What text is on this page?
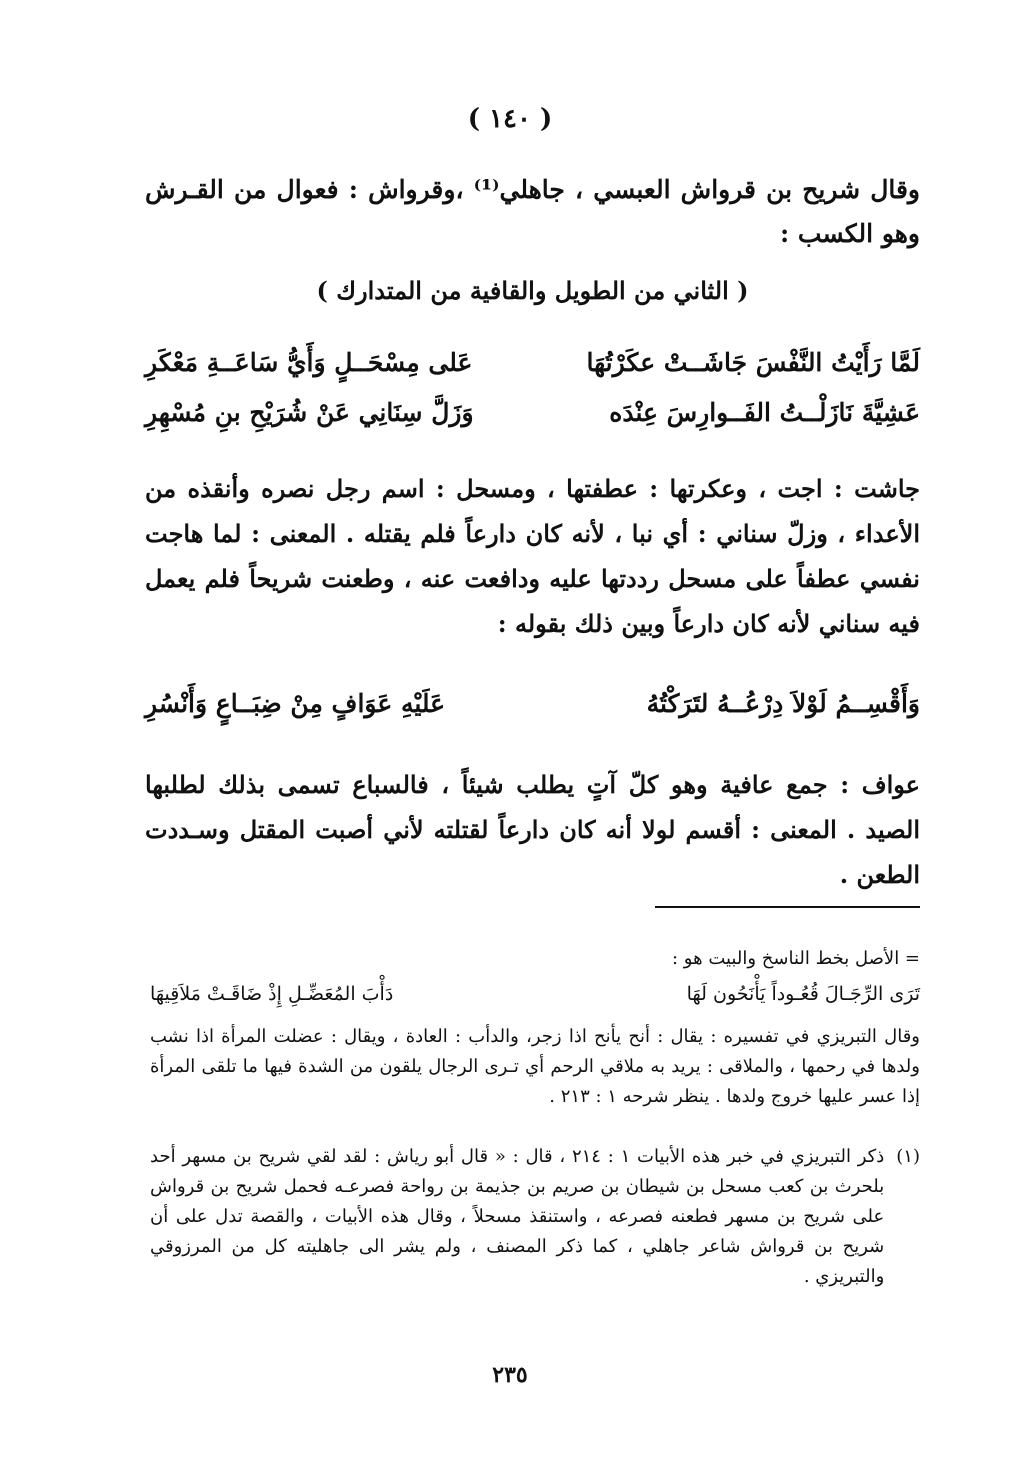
( ١٤٠ )
وقال شريح بن قرواش العبسي ، جاهلي⁽¹⁾ ،وقرواش : فعوال من القـرش وهو الكسب :
( الثاني من الطويل والقافية من المتدارك )
لَمَّا رَأَيْتُ النَّفْسَ جَاشَــتْ عكَرْتُهَا
عَلى مِسْحَــلٍ وَأَيُّ سَاعَــةِ مَعْكَرِ
عَشِيَّةَ نَازَلْــتُ الفَــوارِسَ عِنْدَه
وَزَلَّ سِنَانِي عَنْ شُرَيْحِ بنِ مُسْهِرِ
جاشت : اجت ، وعكرتها : عطفتها ، ومسحل : اسم رجل نصره وأنقذه من الأعداء ، وزلّ سناني : أي نبا ، لأنه كان دارعاً فلم يقتله . المعنى : لما هاجت نفسي عطفاً على مسحل رددتها عليه ودافعت عنه ، وطعنت شريحاً فلم يعمل فيه سناني لأنه كان دارعاً وبين ذلك بقوله :
وَأَقْسِــمُ لَوْلاَ دِرْعُــهُ لتَرَكْتُهُ
عَلَيْهِ عَوَافٍ مِنْ ضِبَــاعٍ وَأَنْسُرِ
عواف : جمع عافية وهو كلّ آتٍ يطلب شيئاً ، فالسباع تسمى بذلك لطلبها الصيد . المعنى : أقسم لولا أنه كان دارعاً لقتلته لأني أصبت المقتل وسـددت الطعن .
= الأصل بخط الناسخ والبيت هو :
تَرَى الرِّجَـالَ قُعُـوداً يَأْنَحُون لَهَا
دَأْبَ المُعَضِّـلِ إِذْ ضَاقَـتْ مَلاَقِيهَا
وقال التبريزي في تفسيره : يقال : أنح يأنح اذا زجر، والدأب : العادة ، ويقال : عضلت المرأة اذا نشب ولدها في رحمها ، والملاقى : يريد به ملاقي الرحم أي تـرى الرجال يلقون من الشدة فيها ما تلقى المرأة إذا عسر عليها خروج ولدها . ينظر شرحه ١ : ٢١٣ .
(١)
ذكر التبريزي في خبر هذه الأبيات ١ : ٢١٤ ، قال : « قال أبو رياش : لقد لقي شريح بن مسهر أحد بلحرث بن كعب مسحل بن شيطان بن صريم بن جذيمة بن رواحة فصرعـه فحمل شريح بن قرواش على شريح بن مسهر فطعنه فصرعه ، واستنقذ مسحلاً ، وقال هذه الأبيات ، والقصة تدل على أن شريح بن قرواش شاعر جاهلي ، كما ذكر المصنف ، ولم يشر الى جاهليته كل من المرزوقي والتبريزي .
٢٣٥
